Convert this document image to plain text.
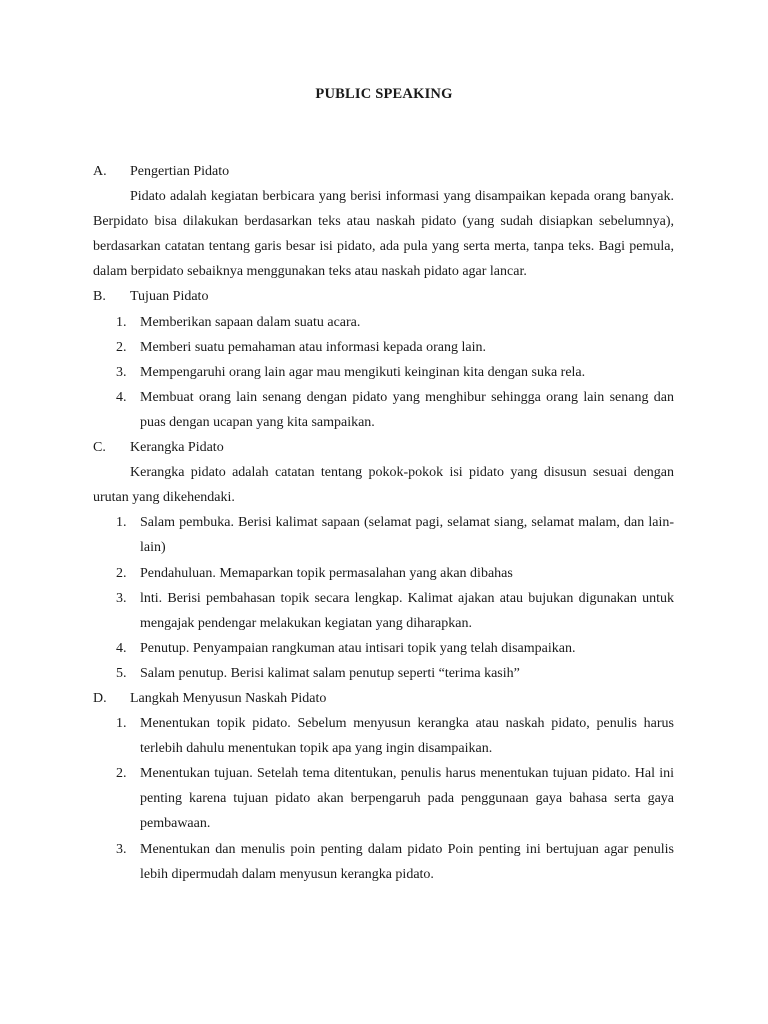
PUBLIC SPEAKING
A.	Pengertian Pidato

Pidato adalah kegiatan berbicara yang berisi informasi yang disampaikan kepada orang banyak. Berpidato bisa dilakukan berdasarkan teks atau naskah pidato (yang sudah disiapkan sebelumnya), berdasarkan catatan tentang garis besar isi pidato, ada pula yang serta merta, tanpa teks. Bagi pemula, dalam berpidato sebaiknya menggunakan teks atau naskah pidato agar lancar.

B.	Tujuan Pidato
1. Memberikan sapaan dalam suatu acara.
2. Memberi suatu pemahaman atau informasi kepada orang lain.
3. Mempengaruhi orang lain agar mau mengikuti keinginan kita dengan suka rela.
4. Membuat orang lain senang dengan pidato yang menghibur sehingga orang lain senang dan puas dengan ucapan yang kita sampaikan.
C.	Kerangka Pidato

Kerangka pidato adalah catatan tentang pokok-pokok isi pidato yang disusun sesuai dengan urutan yang dikehendaki.

1. Salam pembuka. Berisi kalimat sapaan (selamat pagi, selamat siang, selamat malam, dan lain-lain)
2. Pendahuluan. Memaparkan topik permasalahan yang akan dibahas
3. lnti. Berisi pembahasan topik secara lengkap. Kalimat ajakan atau bujukan digunakan untuk mengajak pendengar melakukan kegiatan yang diharapkan.
4. Penutup. Penyampaian rangkuman atau intisari topik yang telah disampaikan.
5. Salam penutup. Berisi kalimat salam penutup seperti “terima kasih”
D.	Langkah Menyusun Naskah Pidato
1. Menentukan topik pidato. Sebelum menyusun kerangka atau naskah pidato, penulis harus terlebih dahulu menentukan topik apa yang ingin disampaikan.
2. Menentukan tujuan. Setelah tema ditentukan, penulis harus menentukan tujuan pidato. Hal ini penting karena tujuan pidato akan berpengaruh pada penggunaan gaya bahasa serta gaya pembawaan.
3. Menentukan dan menulis poin penting dalam pidato Poin penting ini bertujuan agar penulis lebih dipermudah dalam menyusun kerangka pidato.
